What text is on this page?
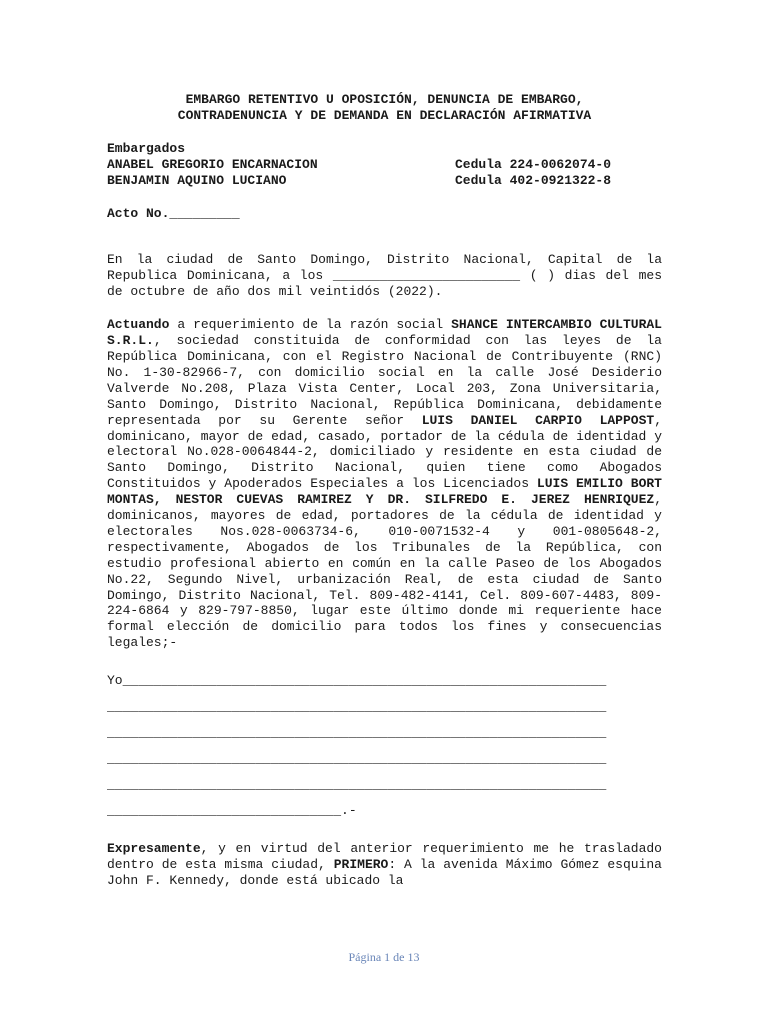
EMBARGO RETENTIVO U OPOSICIÓN, DENUNCIA DE EMBARGO,
CONTRADENUNCIA Y DE DEMANDA EN DECLARACIÓN AFIRMATIVA
Embargados
ANABEL GREGORIO ENCARNACION	Cedula 224-0062074-0
BENJAMIN AQUINO LUCIANO	Cedula 402-0921322-8
Acto No._________

En la ciudad de Santo Domingo, Distrito Nacional, Capital de la Republica Dominicana, a los ________________________ ( ) dias del mes de octubre de año dos mil veintidós (2022).

Actuando a requerimiento de la razón social SHANCE INTERCAMBIO CULTURAL S.R.L., sociedad constituida de conformidad con las leyes de la República Dominicana, con el Registro Nacional de Contribuyente (RNC) No. 1-30-82966-7, con domicilio social en la calle José Desiderio Valverde No.208, Plaza Vista Center, Local 203, Zona Universitaria, Santo Domingo, Distrito Nacional, República Dominicana, debidamente representada por su Gerente señor LUIS DANIEL CARPIO LAPPOST, dominicano, mayor de edad, casado, portador de la cédula de identidad y electoral No.028-0064844-2, domiciliado y residente en esta ciudad de Santo Domingo, Distrito Nacional, quien tiene como Abogados Constituidos y Apoderados Especiales a los Licenciados LUIS EMILIO BORT MONTAS, NESTOR CUEVAS RAMIREZ Y DR. SILFREDO E. JEREZ HENRIQUEZ, dominicanos, mayores de edad, portadores de la cédula de identidad y electorales Nos.028-0063734-6, 010-0071532-4 y 001-0805648-2, respectivamente, Abogados de los Tribunales de la República, con estudio profesional abierto en común en la calle Paseo de los Abogados No.22, Segundo Nivel, urbanización Real, de esta ciudad de Santo Domingo, Distrito Nacional, Tel. 809-482-4141, Cel. 809-607-4483, 809-224-6864 y 829-797-8850, lugar este último donde mi requeriente hace formal elección de domicilio para todos los fines y consecuencias legales;-

Yo______________________________________________________________
________________________________________________________________
________________________________________________________________
________________________________________________________________
________________________________________________________________
______________________________.-

Expresamente, y en virtud del anterior requerimiento me he trasladado dentro de esta misma ciudad, PRIMERO: A la avenida Máximo Gómez esquina John F. Kennedy, donde está ubicado la

Página 1 de 13
